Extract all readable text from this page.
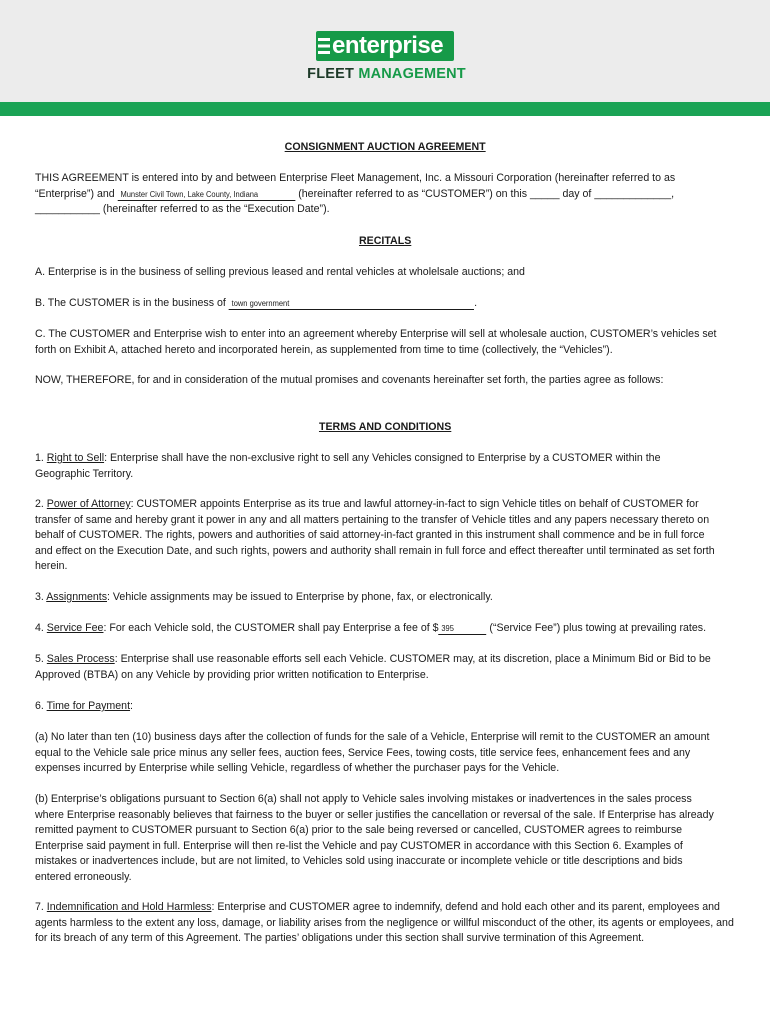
enterprise
FLEET MANAGEMENT

CONSIGNMENT AUCTION AGREEMENT

THIS AGREEMENT is entered into by and between Enterprise Fleet Management, Inc. a Missouri Corporation (hereinafter referred to as “Enterprise”) and Munster Civil Town, Lake County, Indiana	(hereinafter referred to as “CUSTOMER”) on this _____ day of _____________, ___________ (hereinafter referred to as the “Execution Date”).

RECITALS

A. Enterprise is in the business of selling previous leased and rental vehicles at wholelsale auctions; and

B. The CUSTOMER is in the business of town government	.

C. The CUSTOMER and Enterprise wish to enter into an agreement whereby Enterprise will sell at wholesale auction, CUSTOMER’s vehicles set forth on Exhibit A, attached hereto and incorporated herein, as supplemented from time to time (collectively, the “Vehicles”).

NOW, THEREFORE, for and in consideration of the mutual promises and covenants hereinafter set forth, the parties agree as follows:

TERMS AND CONDITIONS

1. Right to Sell: Enterprise shall have the non-exclusive right to sell any Vehicles consigned to Enterprise by a CUSTOMER within the Geographic Territory.

2. Power of Attorney: CUSTOMER appoints Enterprise as its true and lawful attorney-in-fact to sign Vehicle titles on behalf of CUSTOMER for transfer of same and hereby grant it power in any and all matters pertaining to the transfer of Vehicle titles and any papers necessary thereto on behalf of CUSTOMER. The rights, powers and authorities of said attorney-in-fact granted in this instrument shall commence and be in full force and effect on the Execution Date, and such rights, powers and authority shall remain in full force and effect thereafter until terminated as set forth herein.

3. Assignments: Vehicle assignments may be issued to Enterprise by phone, fax, or electronically.

4. Service Fee: For each Vehicle sold, the CUSTOMER shall pay Enterprise a fee of $ 395	(“Service Fee”) plus towing at prevailing rates.

5. Sales Process: Enterprise shall use reasonable efforts sell each Vehicle. CUSTOMER may, at its discretion, place a Minimum Bid or Bid to be Approved (BTBA) on any Vehicle by providing prior written notification to Enterprise.

6. Time for Payment:

(a) No later than ten (10) business days after the collection of funds for the sale of a Vehicle, Enterprise will remit to the CUSTOMER an amount equal to the Vehicle sale price minus any seller fees, auction fees, Service Fees, towing costs, title service fees, enhancement fees and any expenses incurred by Enterprise while selling Vehicle, regardless of whether the purchaser pays for the Vehicle.

(b) Enterprise’s obligations pursuant to Section 6(a) shall not apply to Vehicle sales involving mistakes or inadvertences in the sales process where Enterprise reasonably believes that fairness to the buyer or seller justifies the cancellation or reversal of the sale. If Enterprise has already remitted payment to CUSTOMER pursuant to Section 6(a) prior to the sale being reversed or cancelled, CUSTOMER agrees to reimburse Enterprise said payment in full. Enterprise will then re-list the Vehicle and pay CUSTOMER in accordance with this Section 6. Examples of mistakes or inadvertences include, but are not limited, to Vehicles sold using inaccurate or incomplete vehicle or title descriptions and bids entered erroneously.

7. Indemnification and Hold Harmless: Enterprise and CUSTOMER agree to indemnify, defend and hold each other and its parent, employees and agents harmless to the extent any loss, damage, or liability arises from the negligence or willful misconduct of the other, its agents or employees, and for its breach of any term of this Agreement. The parties’ obligations under this section shall survive termination of this Agreement.
